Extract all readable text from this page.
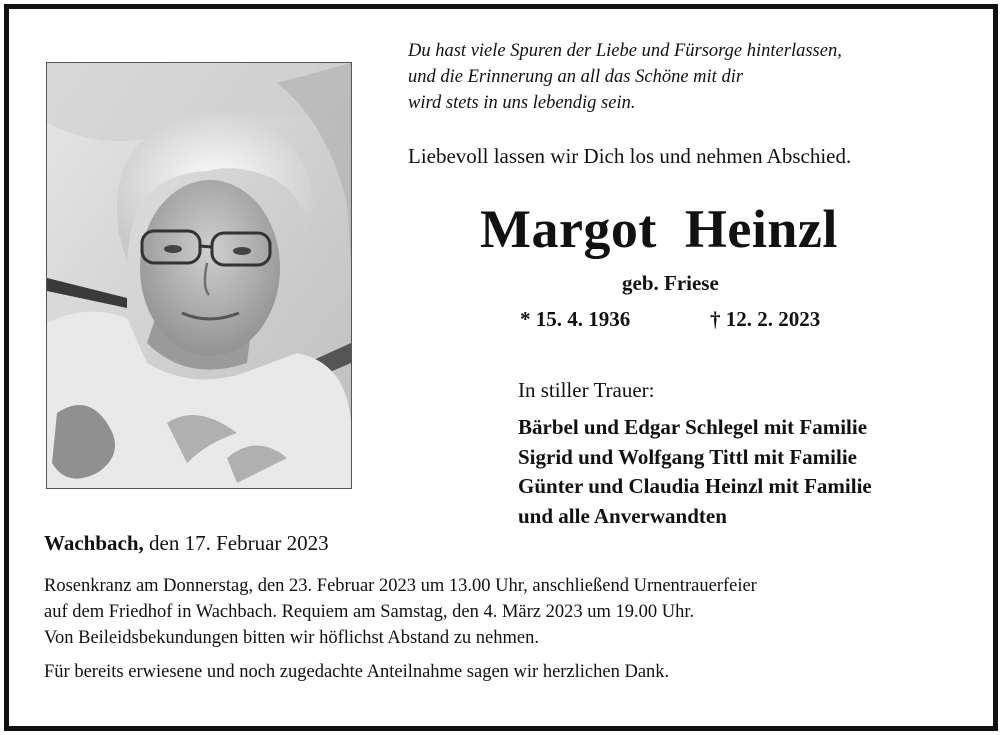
Du hast viele Spuren der Liebe und Fürsorge hinterlassen,
und die Erinnerung an all das Schöne mit dir
wird stets in uns lebendig sein.
Liebevoll lassen wir Dich los und nehmen Abschied.
Margot  Heinzl
geb. Friese
* 15. 4. 1936	† 12. 2. 2023
In stiller Trauer:
Bärbel und Edgar Schlegel mit Familie
Sigrid und Wolfgang Tittl mit Familie
Günter und Claudia Heinzl mit Familie
und alle Anverwandten
Wachbach, den 17. Februar 2023
Rosenkranz am Donnerstag, den 23. Februar 2023 um 13.00 Uhr, anschließend Urnentrauerfeier
auf dem Friedhof in Wachbach. Requiem am Samstag, den 4. März 2023 um 19.00 Uhr.
Von Beileidsbekundungen bitten wir höflichst Abstand zu nehmen.
Für bereits erwiesene und noch zugedachte Anteilnahme sagen wir herzlichen Dank.
